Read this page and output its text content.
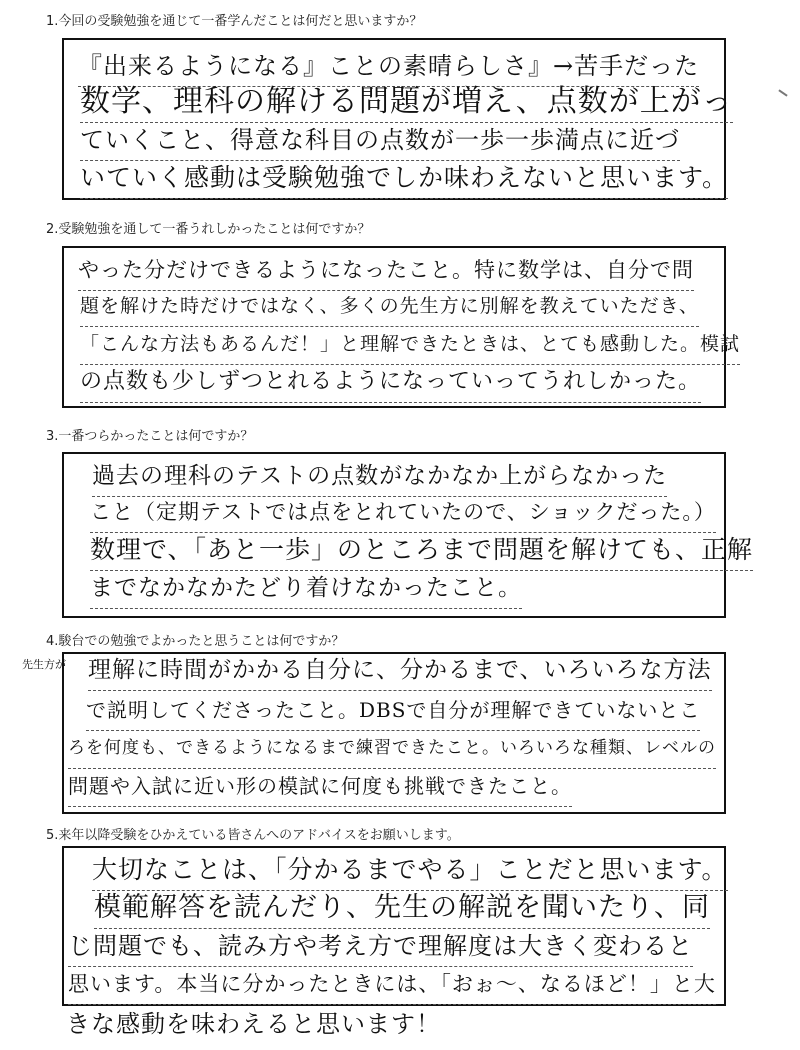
1.今回の受験勉強を通じて一番学んだことは何だと思いますか？
『出来るようになる』ことの素晴らしさ』→苦手だった
数学、理科の解ける問題が増え、点数が上がっ
ていくこと、得意な科目の点数が一歩一歩満点に近づ
いていく感動は受験勉強でしか味わえないと思います。
2.受験勉強を通して一番うれしかったことは何ですか？
やった分だけできるようになったこと。特に数学は、自分で問
題を解けた時だけではなく、多くの先生方に別解を教えていただき、
「こんな方法もあるんだ！」と理解できたときは、とても感動した。模試
の点数も少しずつとれるようになっていってうれしかった。
3.一番つらかったことは何ですか？
過去の理科のテストの点数がなかなか上がらなかった
こと（定期テストでは点をとれていたので、ショックだった。）
数理で、「あと一歩」のところまで問題を解けても、正解
までなかなかたどり着けなかったこと。
4.駿台での勉強でよかったと思うことは何ですか？
先生方が 理解に時間がかかる自分に、分かるまで、いろいろな方法
で説明してくださったこと。DBSで自分が理解できていないとこ
ろを何度も、できるようになるまで練習できたこと。いろいろな種類、レベルの
問題や入試に近い形の模試に何度も挑戦できたこと。
5.来年以降受験をひかえている皆さんへのアドバイスをお願いします。
大切なことは、「分かるまでやる」ことだと思います。
模範解答を読んだり、先生の解説を聞いたり、同
じ問題でも、読み方や考え方で理解度は大きく変わると
思います。本当に分かったときには、「おぉ〜、なるほど！」と大
きな感動を味わえると思います！
